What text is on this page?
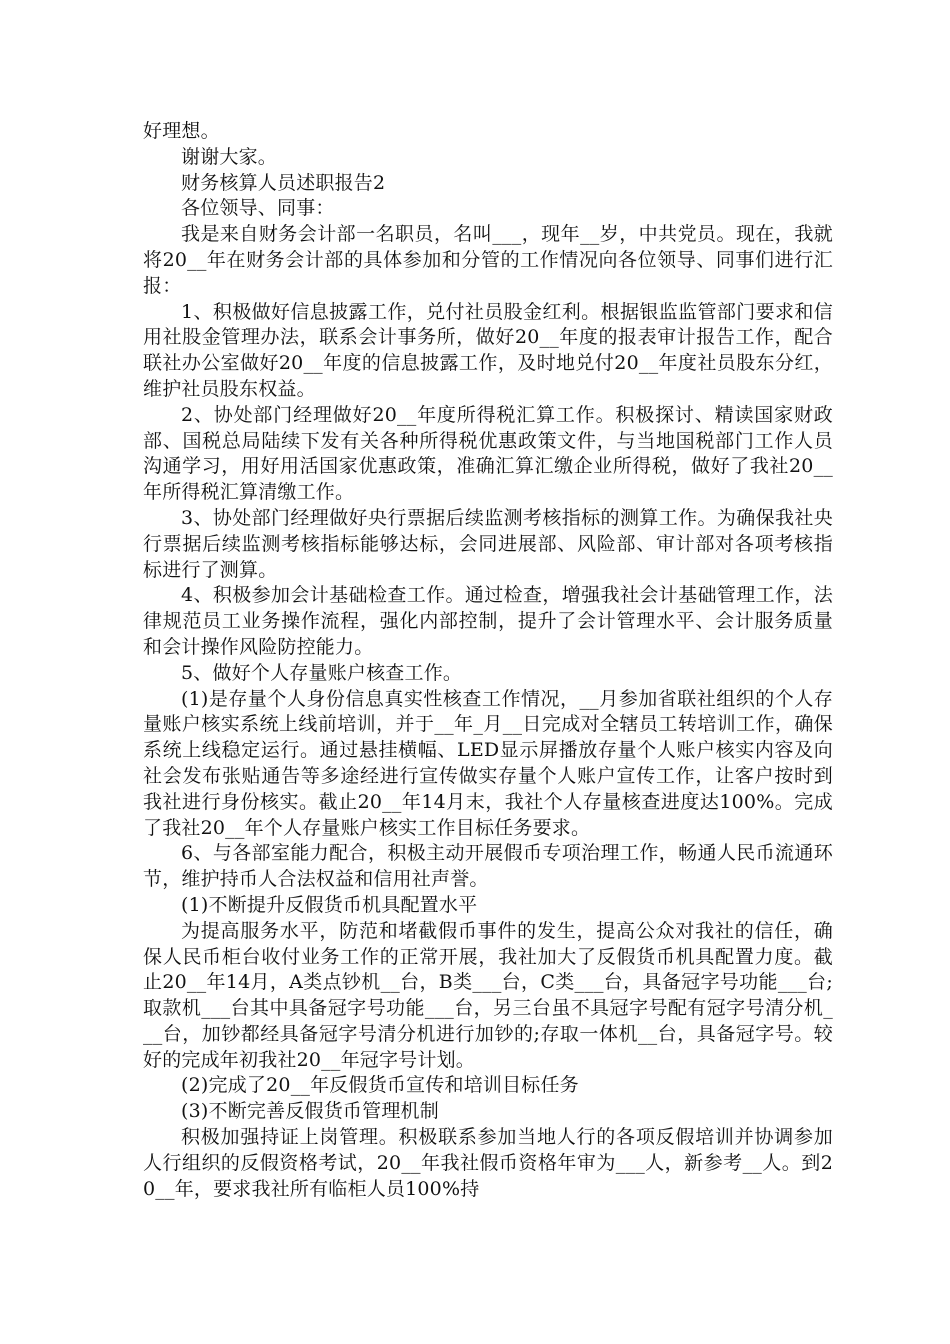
好理想。

谢谢大家。

财务核算人员述职报告2

各位领导、同事：

我是来自财务会计部一名职员，名叫___，现年__岁，中共党员。现在，我就将20__年在财务会计部的具体参加和分管的工作情况向各位领导、同事们进行汇报：

1、积极做好信息披露工作，兑付社员股金红利。根据银监监管部门要求和信用社股金管理办法，联系会计事务所，做好20__年度的报表审计报告工作，配合联社办公室做好20__年度的信息披露工作，及时地兑付20__年度社员股东分红，维护社员股东权益。

2、协处部门经理做好20__年度所得税汇算工作。积极探讨、精读国家财政部、国税总局陆续下发有关各种所得税优惠政策文件，与当地国税部门工作人员沟通学习，用好用活国家优惠政策，准确汇算汇缴企业所得税，做好了我社20__年所得税汇算清缴工作。

3、协处部门经理做好央行票据后续监测考核指标的测算工作。为确保我社央行票据后续监测考核指标能够达标，会同进展部、风险部、审计部对各项考核指标进行了测算。

4、积极参加会计基础检查工作。通过检查，增强我社会计基础管理工作，法律规范员工业务操作流程，强化内部控制，提升了会计管理水平、会计服务质量和会计操作风险防控能力。

5、做好个人存量账户核查工作。

(1)是存量个人身份信息真实性核查工作情况，__月参加省联社组织的个人存量账户核实系统上线前培训，并于__年_月__日完成对全辖员工转培训工作，确保系统上线稳定运行。通过悬挂横幅、LED显示屏播放存量个人账户核实内容及向社会发布张贴通告等多途经进行宣传做实存量个人账户宣传工作，让客户按时到我社进行身份核实。截止20__年14月末，我社个人存量核查进度达100%。完成了我社20__年个人存量账户核实工作目标任务要求。

6、与各部室能力配合，积极主动开展假币专项治理工作，畅通人民币流通环节，维护持币人合法权益和信用社声誉。

(1)不断提升反假货币机具配置水平

为提高服务水平，防范和堵截假币事件的发生，提高公众对我社的信任，确保人民币柜台收付业务工作的正常开展，我社加大了反假货币机具配置力度。截止20__年14月，A类点钞机__台，B类___台，C类___台，具备冠字号功能___台;取款机___台其中具备冠字号功能___台，另三台虽不具冠字号配有冠字号清分机___台，加钞都经具备冠字号清分机进行加钞的;存取一体机__台，具备冠字号。较好的完成年初我社20__年冠字号计划。

(2)完成了20__年反假货币宣传和培训目标任务

(3)不断完善反假货币管理机制

积极加强持证上岗管理。积极联系参加当地人行的各项反假培训并协调参加人行组织的反假资格考试，20__年我社假币资格年审为___人，新参考__人。到20__年，要求我社所有临柜人员100%持
